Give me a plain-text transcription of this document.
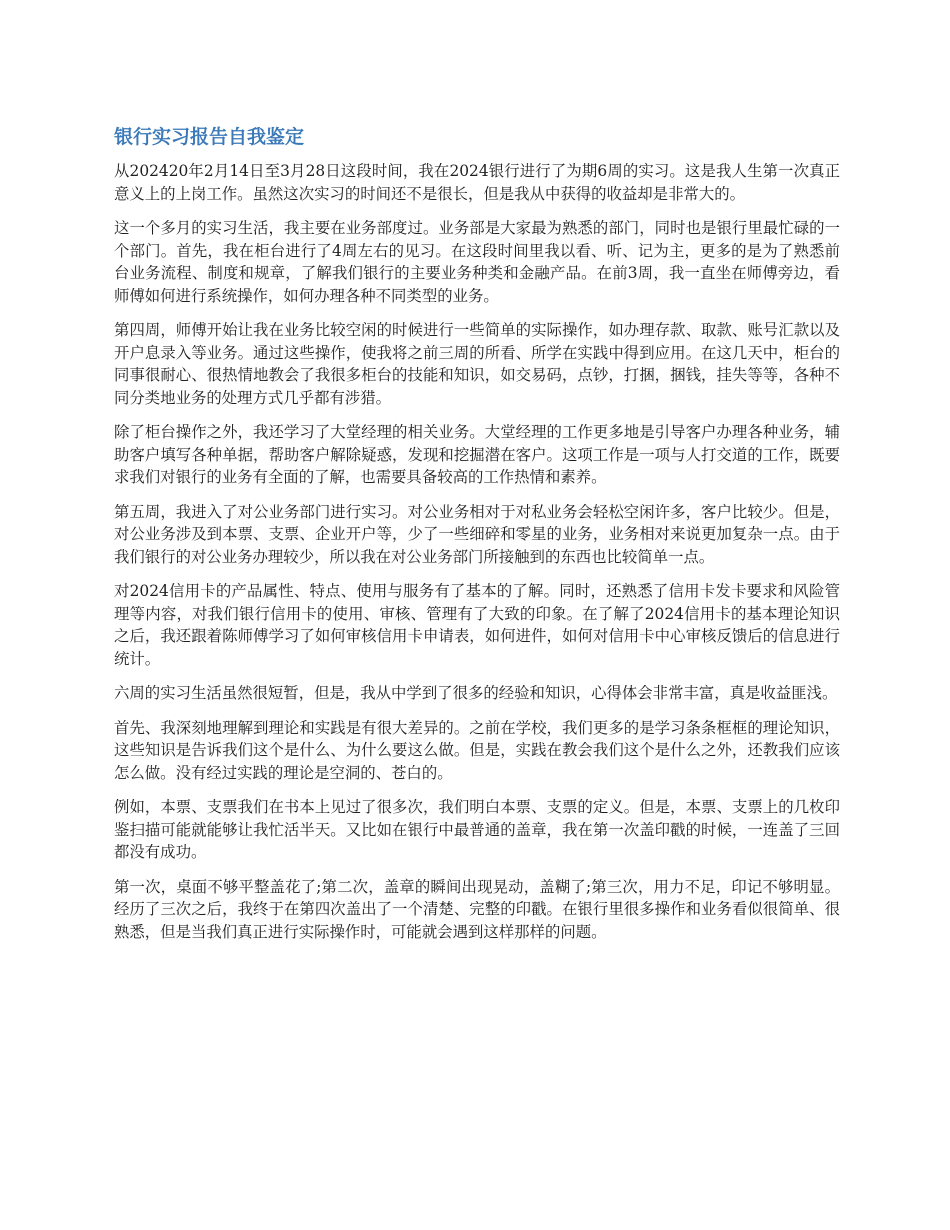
银行实习报告自我鉴定

从202420年2月14日至3月28日这段时间，我在2024银行进行了为期6周的实习。这是我人生第一次真正意义上的上岗工作。虽然这次实习的时间还不是很长，但是我从中获得的收益却是非常大的。

这一个多月的实习生活，我主要在业务部度过。业务部是大家最为熟悉的部门，同时也是银行里最忙碌的一个部门。首先，我在柜台进行了4周左右的见习。在这段时间里我以看、听、记为主，更多的是为了熟悉前台业务流程、制度和规章，了解我们银行的主要业务种类和金融产品。在前3周，我一直坐在师傅旁边，看师傅如何进行系统操作，如何办理各种不同类型的业务。

第四周，师傅开始让我在业务比较空闲的时候进行一些简单的实际操作，如办理存款、取款、账号汇款以及开户息录入等业务。通过这些操作，使我将之前三周的所看、所学在实践中得到应用。在这几天中，柜台的同事很耐心、很热情地教会了我很多柜台的技能和知识，如交易码，点钞，打捆，捆钱，挂失等等，各种不同分类地业务的处理方式几乎都有涉猎。

除了柜台操作之外，我还学习了大堂经理的相关业务。大堂经理的工作更多地是引导客户办理各种业务，辅助客户填写各种单据，帮助客户解除疑惑，发现和挖掘潜在客户。这项工作是一项与人打交道的工作，既要求我们对银行的业务有全面的了解，也需要具备较高的工作热情和素养。

第五周，我进入了对公业务部门进行实习。对公业务相对于对私业务会轻松空闲许多，客户比较少。但是，对公业务涉及到本票、支票、企业开户等，少了一些细碎和零星的业务，业务相对来说更加复杂一点。由于我们银行的对公业务办理较少，所以我在对公业务部门所接触到的东西也比较简单一点。

对2024信用卡的产品属性、特点、使用与服务有了基本的了解。同时，还熟悉了信用卡发卡要求和风险管理等内容，对我们银行信用卡的使用、审核、管理有了大致的印象。在了解了2024信用卡的基本理论知识之后，我还跟着陈师傅学习了如何审核信用卡申请表，如何进件，如何对信用卡中心审核反馈后的信息进行统计。

六周的实习生活虽然很短暂，但是，我从中学到了很多的经验和知识，心得体会非常丰富，真是收益匪浅。

首先、我深刻地理解到理论和实践是有很大差异的。之前在学校，我们更多的是学习条条框框的理论知识，这些知识是告诉我们这个是什么、为什么要这么做。但是，实践在教会我们这个是什么之外，还教我们应该怎么做。没有经过实践的理论是空洞的、苍白的。

例如，本票、支票我们在书本上见过了很多次，我们明白本票、支票的定义。但是，本票、支票上的几枚印鉴扫描可能就能够让我忙活半天。又比如在银行中最普通的盖章，我在第一次盖印戳的时候，一连盖了三回都没有成功。

第一次，桌面不够平整盖花了;第二次，盖章的瞬间出现晃动，盖糊了;第三次，用力不足，印记不够明显。经历了三次之后，我终于在第四次盖出了一个清楚、完整的印戳。在银行里很多操作和业务看似很简单、很熟悉，但是当我们真正进行实际操作时，可能就会遇到这样那样的问题。
